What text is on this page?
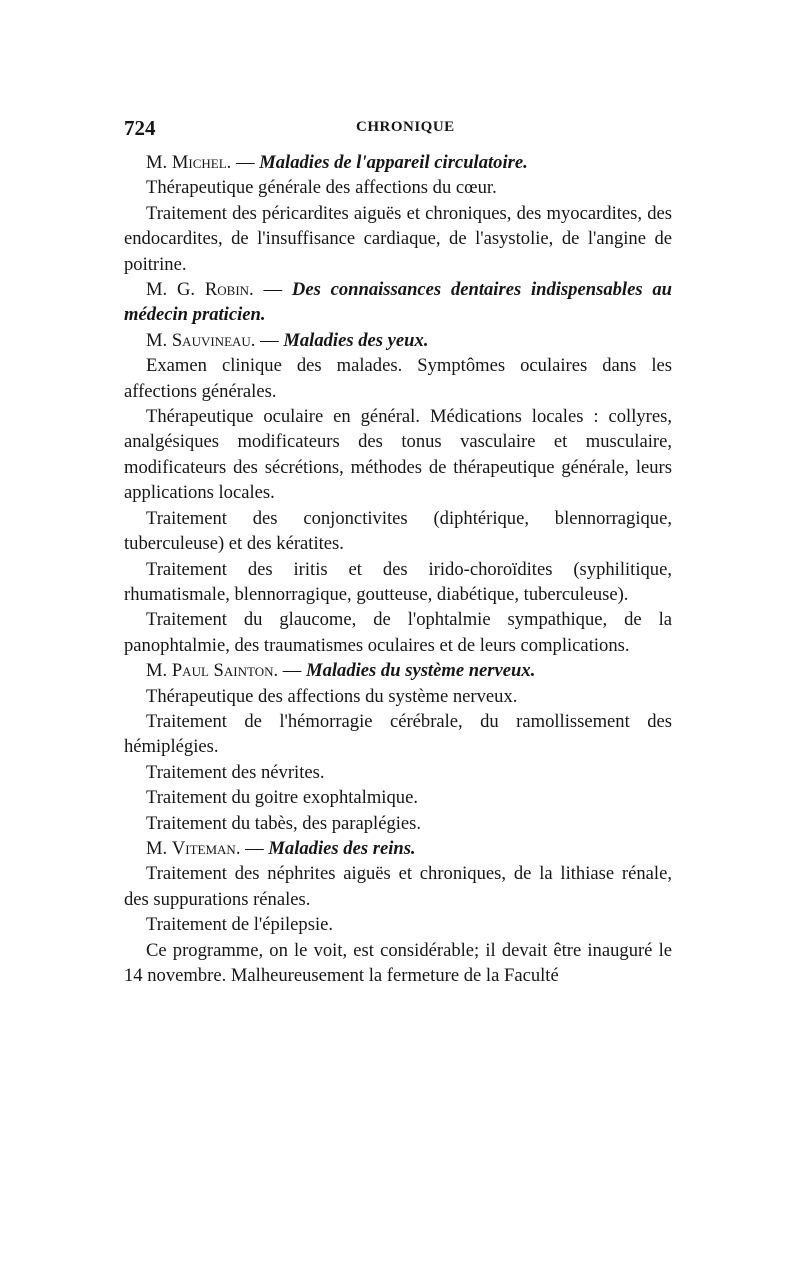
724	CHRONIQUE

M. Michel. — Maladies de l'appareil circulatoire.

Thérapeutique générale des affections du cœur.

Traitement des péricardites aiguës et chroniques, des myocardites, des endocardites, de l'insuffisance cardiaque, de l'asystolie, de l'angine de poitrine.

M. G. Robin. — Des connaissances dentaires indispensables au médecin praticien.

M. Sauvineau. — Maladies des yeux.

Examen clinique des malades. Symptômes oculaires dans les affections générales.

Thérapeutique oculaire en général. Médications locales : collyres, analgésiques modificateurs des tonus vasculaire et musculaire, modificateurs des sécrétions, méthodes de thérapeutique générale, leurs applications locales.

Traitement des conjonctivites (diphtérique, blennorragique, tuberculeuse) et des kératites.

Traitement des iritis et des irido-choroïdites (syphilitique, rhumatismale, blennorragique, goutteuse, diabétique, tuberculeuse).

Traitement du glaucome, de l'ophtalmie sympathique, de la panophtalmie, des traumatismes oculaires et de leurs complications.

M. Paul Sainton. — Maladies du système nerveux.

Thérapeutique des affections du système nerveux.

Traitement de l'hémorragie cérébrale, du ramollissement des hémiplégies.

Traitement des névrites.

Traitement du goitre exophtalmique.

Traitement du tabès, des paraplégies.

M. Viteman. — Maladies des reins.

Traitement des néphrites aiguës et chroniques, de la lithiase rénale, des suppurations rénales.

Traitement de l'épilepsie.

Ce programme, on le voit, est considérable; il devait être inauguré le 14 novembre. Malheureusement la fermeture de la Faculté
